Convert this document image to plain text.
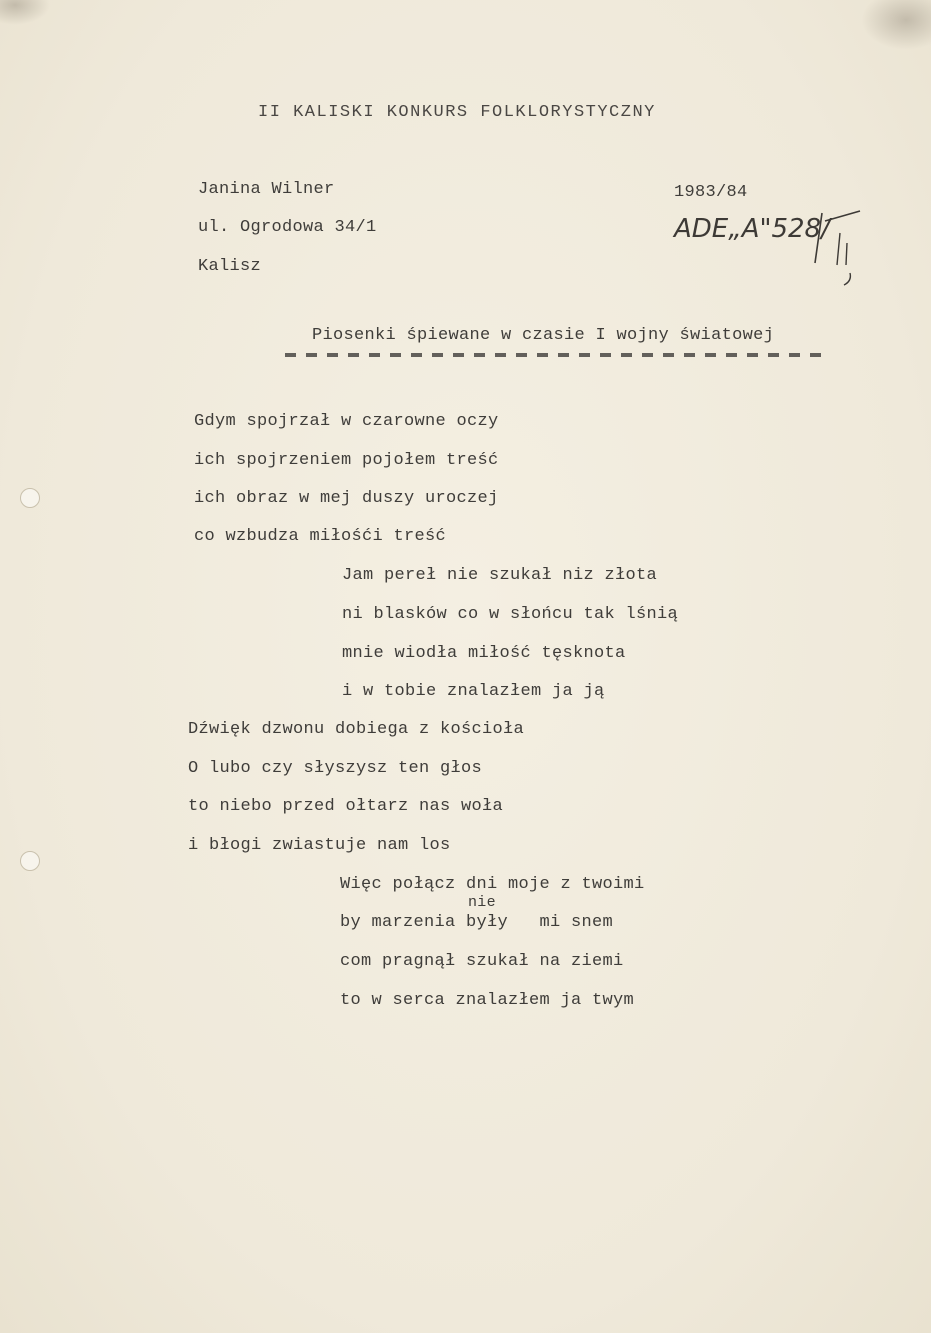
II KALISKI KONKURS FOLKLORYSTYCZNY
Janina Wilner
ul. Ogrodowa 34/1
Kalisz
1983/84
ADE„A"528/
Piosenki śpiewane w czasie I wojny światowej
Gdym spojrzał w czarowne oczy
ich spojrzeniem pojołem treść
ich obraz w mej duszy uroczej
co wzbudza miłośći treść
Jam pereł nie szukał niz złota
ni blasków co w słońcu tak lśnią
mnie wiodła miłość tęsknota
i w tobie znalazłem ja ją
Dźwięk dzwonu dobiega z kościoła
O lubo czy słyszysz ten głos
to niebo przed ołtarz nas woła
i błogi zwiastuje nam los
Więc połącz dni moje z twoimi
nie
by marzenia były   mi snem
com pragnął szukał na ziemi
to w serca znalazłem ja twym
